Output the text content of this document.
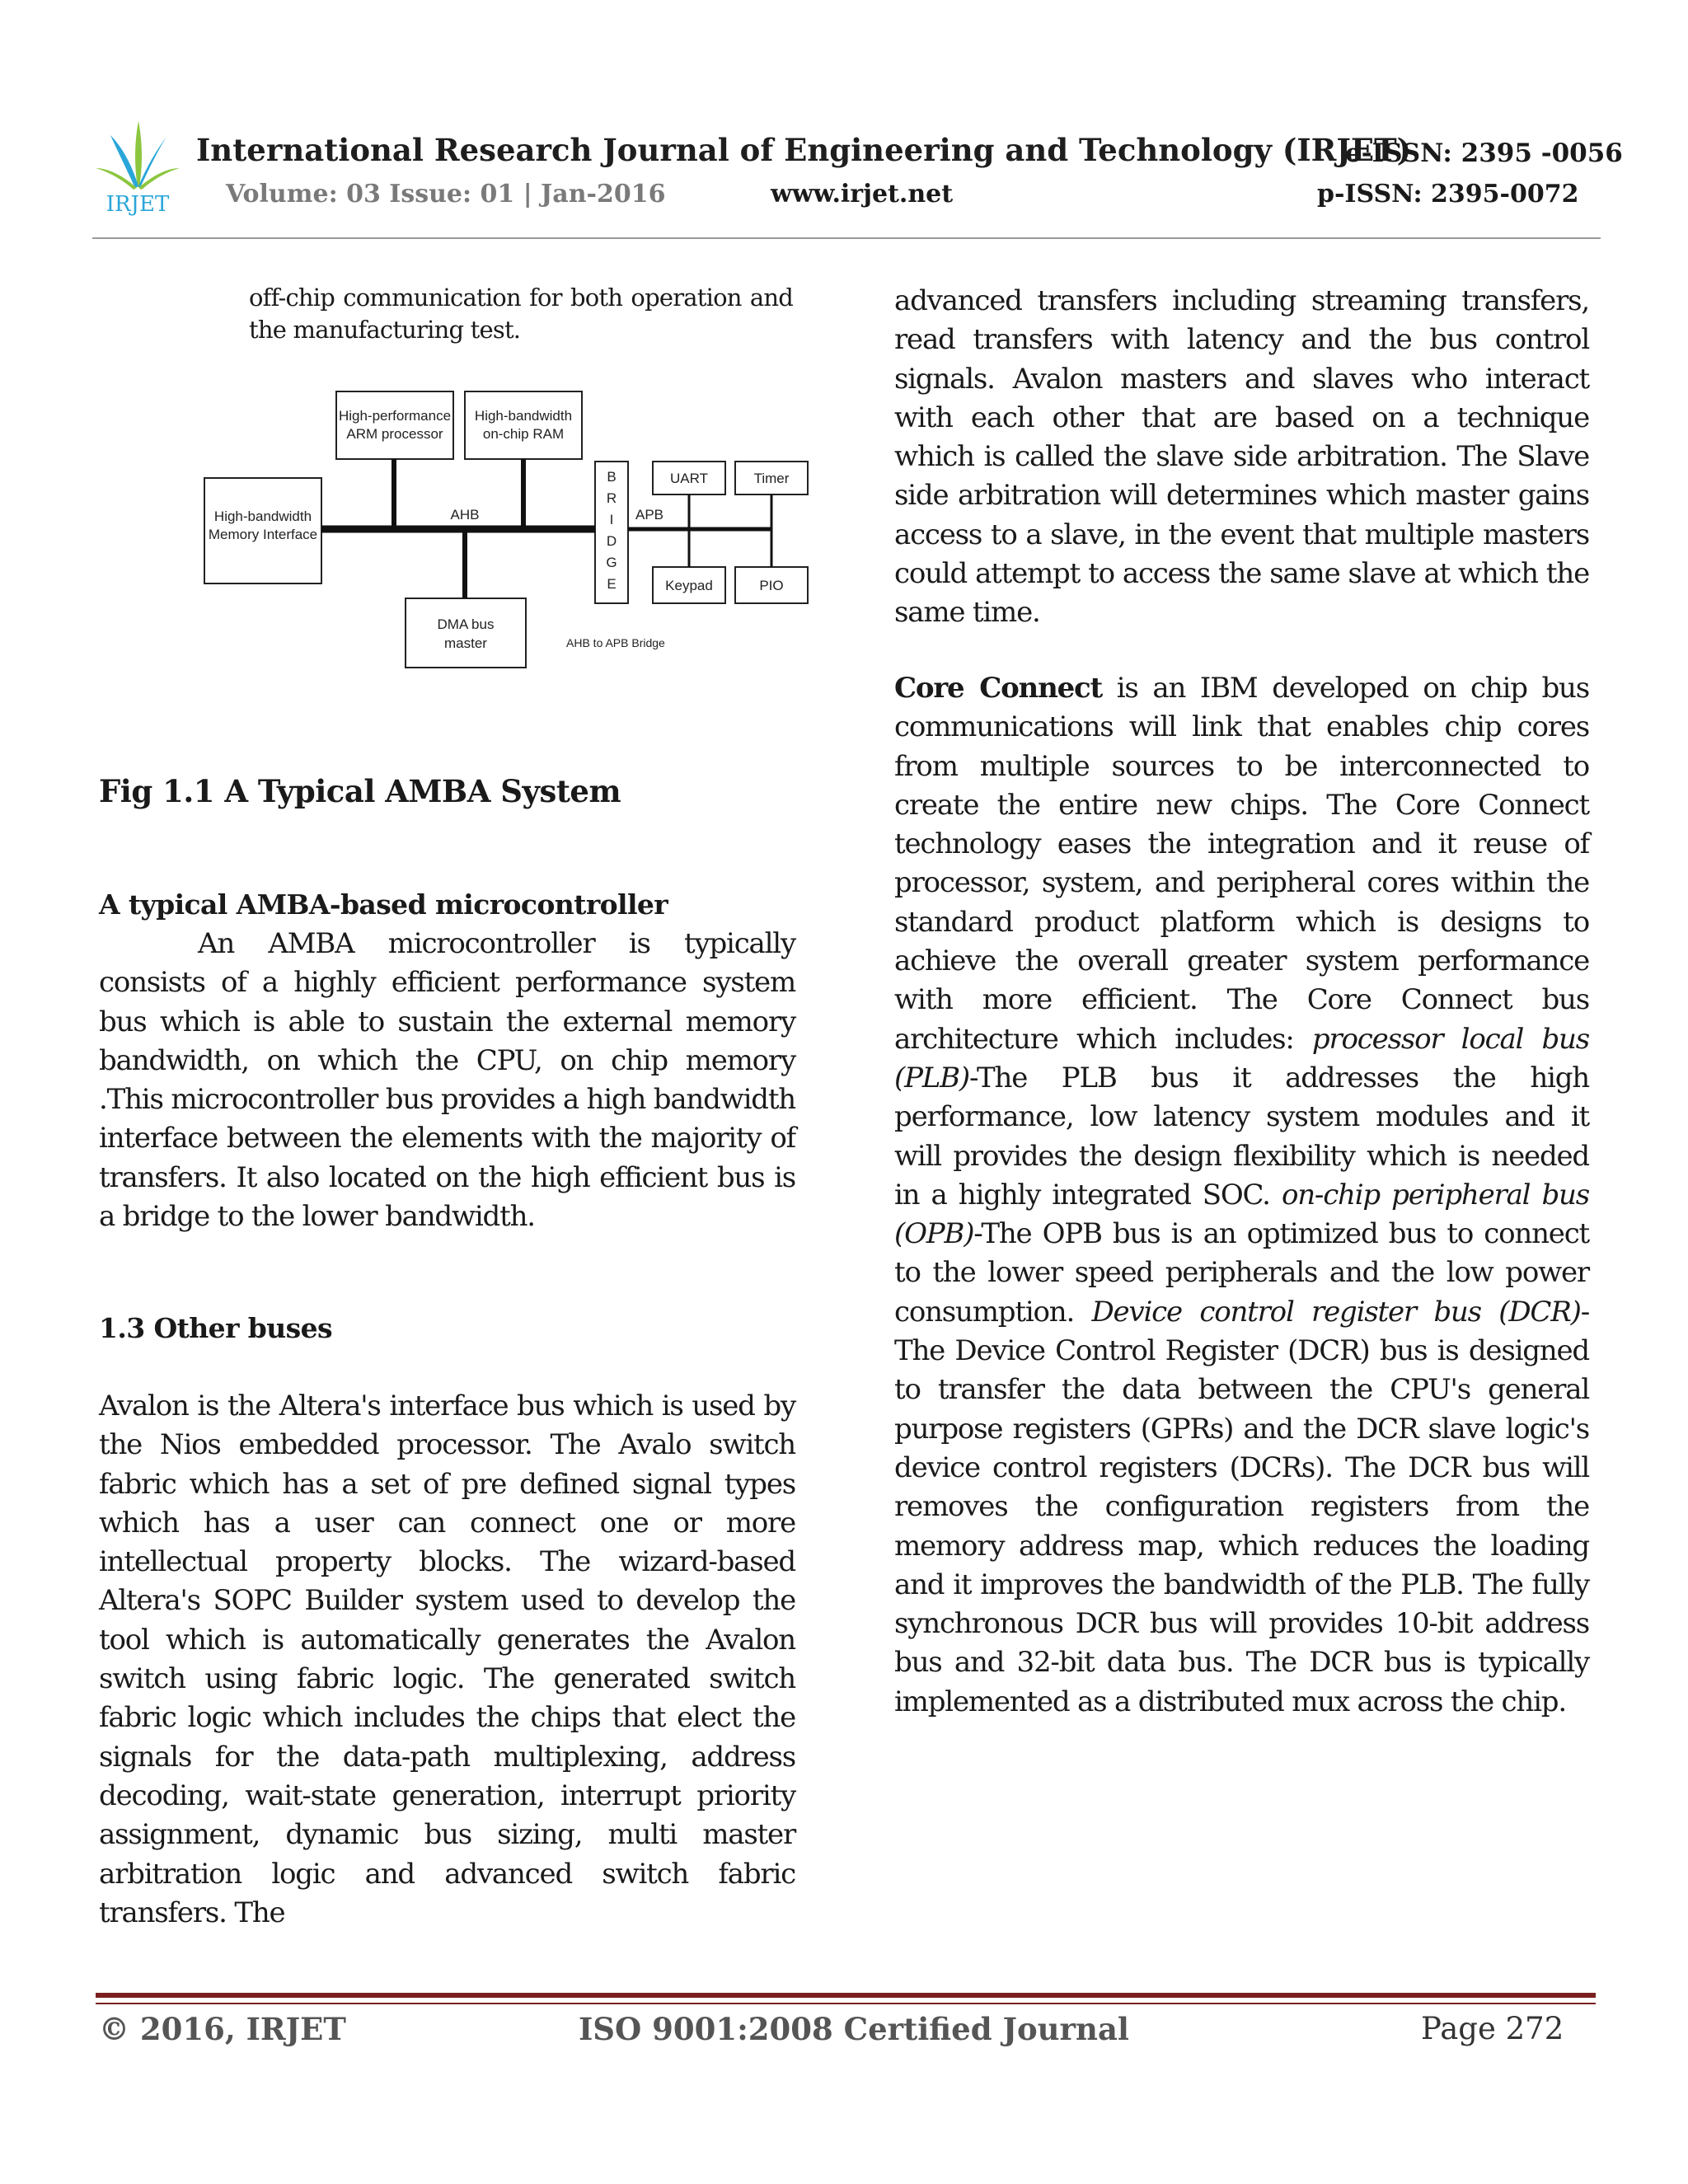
IRJET
International Research Journal of Engineering and Technology (IRJET)
e-ISSN: 2395 -0056
Volume: 03 Issue: 01 | Jan-2016	www.irjet.net	p-ISSN: 2395-0072

off-chip communication for both operation and the manufacturing test.

High-performance
ARM processor
High-bandwidth
on-chip RAM
High-bandwidth
Memory Interface
AHB
B
R
I
D
G
E
APB
UART	Timer
Keypad	PIO
DMA bus
master	AHB to APB Bridge
Fig 1.1 A Typical AMBA System
A typical AMBA-based microcontroller

An AMBA microcontroller is typically consists of a highly efficient performance system bus which is able to sustain the external memory bandwidth, on which the CPU, on chip memory .This microcontroller bus provides a high bandwidth interface between the elements with the majority of transfers. It also located on the high efficient bus is a bridge to the lower bandwidth.

1.3 Other buses

Avalon is the Altera's interface bus which is used by the Nios embedded processor. The Avalo switch fabric which has a set of pre defined signal types which has a user can connect one or more intellectual property blocks. The wizard-based Altera's SOPC Builder system used to develop the tool which is automatically generates the Avalon switch using fabric logic. The generated switch fabric logic which includes the chips that elect the signals for the data-path multiplexing, address decoding, wait-state generation, interrupt priority assignment, dynamic bus sizing, multi master arbitration logic and advanced switch fabric transfers. The

advanced transfers including streaming transfers, read transfers with latency and the bus control signals. Avalon masters and slaves who interact with each other that are based on a technique which is called the slave side arbitration. The Slave side arbitration will determines which master gains access to a slave, in the event that multiple masters could attempt to access the same slave at which the same time.

Core Connect is an IBM developed on chip bus communications will link that enables chip cores from multiple sources to be interconnected to create the entire new chips. The Core Connect technology eases the integration and it reuse of processor, system, and peripheral cores within the standard product platform which is designs to achieve the overall greater system performance with more efficient. The Core Connect bus architecture which includes: processor local bus (PLB)-The PLB bus it addresses the high performance, low latency system modules and it will provides the design flexibility which is needed in a highly integrated SOC. on-chip peripheral bus (OPB)-The OPB bus is an optimized bus to connect to the lower speed peripherals and the low power consumption. Device control register bus (DCR)-The Device Control Register (DCR) bus is designed to transfer the data between the CPU's general purpose registers (GPRs) and the DCR slave logic's device control registers (DCRs). The DCR bus will removes the configuration registers from the memory address map, which reduces the loading and it improves the bandwidth of the PLB. The fully synchronous DCR bus will provides 10-bit address bus and 32-bit data bus. The DCR bus is typically implemented as a distributed mux across the chip.

© 2016, IRJET	ISO 9001:2008 Certified Journal	Page 272
